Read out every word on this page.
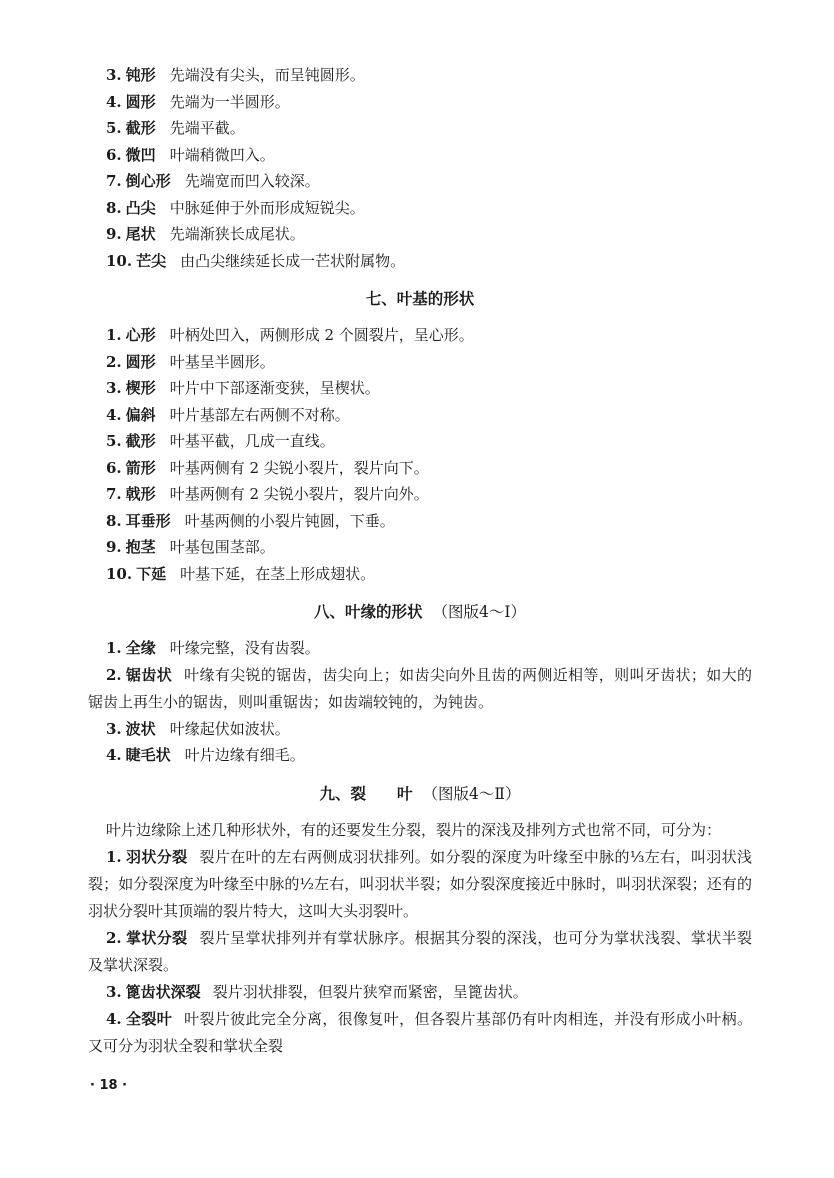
3. 钝形 先端没有尖头，而呈钝圆形。
4. 圆形 先端为一半圆形。
5. 截形 先端平截。
6. 微凹 叶端稍微凹入。
7. 倒心形 先端宽而凹入较深。
8. 凸尖 中脉延伸于外而形成短锐尖。
9. 尾状 先端渐狭长成尾状。
10. 芒尖 由凸尖继续延长成一芒状附属物。
七、叶基的形状
1. 心形 叶柄处凹入，两侧形成 2 个圆裂片，呈心形。
2. 圆形 叶基呈半圆形。
3. 楔形 叶片中下部逐渐变狭，呈楔状。
4. 偏斜 叶片基部左右两侧不对称。
5. 截形 叶基平截，几成一直线。
6. 箭形 叶基两侧有 2 尖锐小裂片，裂片向下。
7. 戟形 叶基两侧有 2 尖锐小裂片，裂片向外。
8. 耳垂形 叶基两侧的小裂片钝圆，下垂。
9. 抱茎 叶基包围茎部。
10. 下延 叶基下延，在茎上形成翅状。
八、叶缘的形状 （图版4～Ⅰ）
1. 全缘 叶缘完整，没有齿裂。

2. 锯齿状 叶缘有尖锐的锯齿，齿尖向上；如齿尖向外且齿的两侧近相等，则叫牙齿状；如大的锯齿上再生小的锯齿，则叫重锯齿；如齿端较钝的，为钝齿。

3. 波状 叶缘起伏如波状。
4. 睫毛状 叶片边缘有细毛。
九、裂　　叶 （图版4～Ⅱ）

叶片边缘除上述几种形状外，有的还要发生分裂，裂片的深浅及排列方式也常不同，可分为：

1. 羽状分裂 裂片在叶的左右两侧成羽状排列。如分裂的深度为叶缘至中脉的⅓左右，叫羽状浅裂；如分裂深度为叶缘至中脉的½左右，叫羽状半裂；如分裂深度接近中脉时，叫羽状深裂；还有的羽状分裂叶其顶端的裂片特大，这叫大头羽裂叶。

2. 掌状分裂 裂片呈掌状排列并有掌状脉序。根据其分裂的深浅，也可分为掌状浅裂、掌状半裂及掌状深裂。

3. 篦齿状深裂 裂片羽状排裂，但裂片狭窄而紧密，呈篦齿状。

4. 全裂叶 叶裂片彼此完全分离，很像复叶，但各裂片基部仍有叶肉相连，并没有形成小叶柄。又可分为羽状全裂和掌状全裂

· 18 ·
